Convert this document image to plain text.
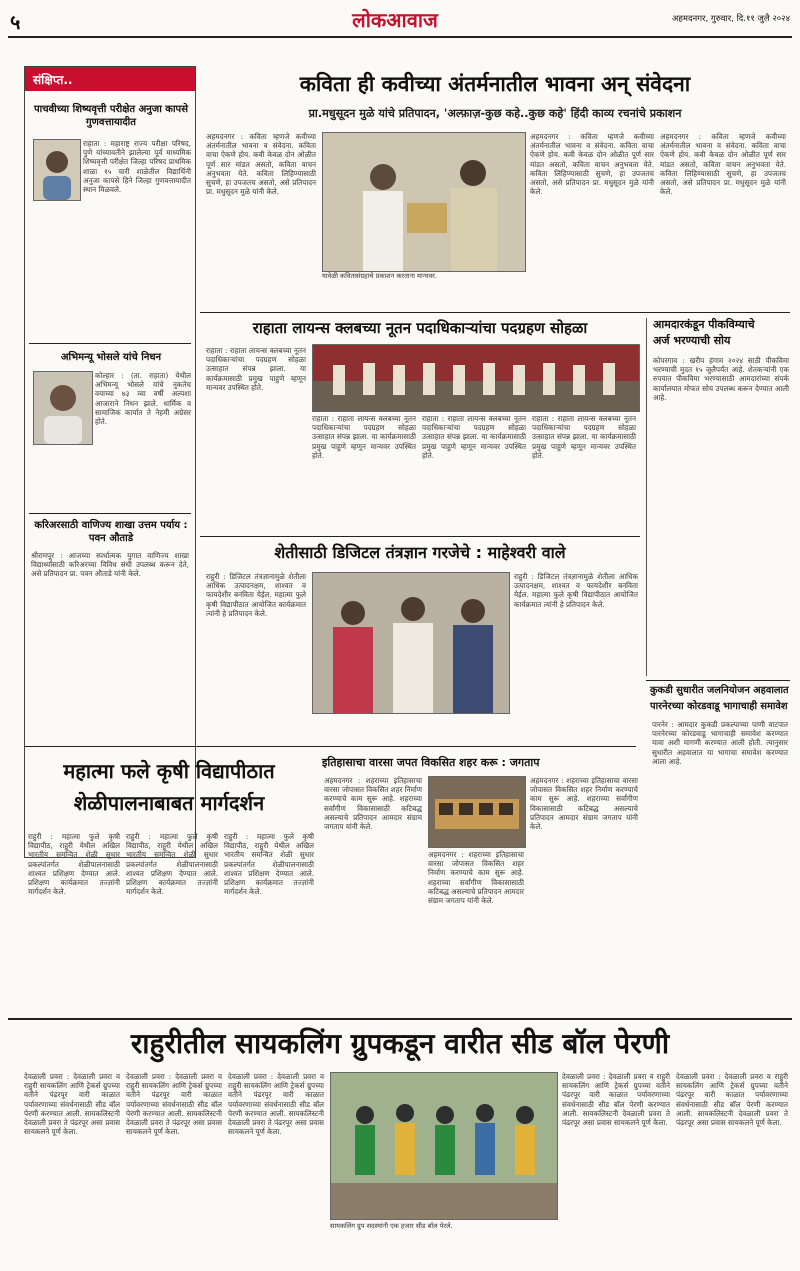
५	लोकआवाज	अहमदनगर, गुरुवार, दि.११ जुलै २०२४
संक्षिप्त..
पाचवीच्या शिष्यवृत्ती परीक्षेत अनुजा कापसे गुणवत्तायादीत
राहाता : महाराष्ट्र राज्य परीक्षा परिषद, पुणे यांच्यावतीने झालेल्या पूर्व माध्यमिक शिष्यवृत्ती परीक्षेत जिल्हा परिषद प्राथमिक शाळा १५ चारी शाळेतील विद्यार्थिनी अनुजा कापसे हिने जिल्हा गुणवत्तायादीत स्थान मिळवले.
अभिमन्यू भोसले यांचे निधन
कोल्हार : (ता. राहाता) येथील अभिमन्यू भोसले यांचे नुकतेच वयाच्या ७३ व्या वर्षी अल्पशा आजाराने निधन झाले. धार्मिक व सामाजिक कार्यात ते नेहमी अग्रेसर होते.
करिअरसाठी वाणिज्य शाखा उत्तम पर्याय : पवन औताडे
श्रीरामपूर : आजच्या स्पर्धात्मक युगात वाणिज्य शाखा विद्यार्थ्यांसाठी करिअरच्या विविध संधी उपलब्ध करून देते, असे प्रतिपादन प्रा. पवन औताडे यांनी केले.
कविता ही कवीच्या अंतर्मनातील भावना अन् संवेदना
प्रा.मधुसूदन मुळे यांचे प्रतिपादन, 'अल्फ़ाज़-कुछ कहे..कुछ कहे' हिंदी काव्य रचनांचे प्रकाशन
अहमदनगर : कविता म्हणजे कवीच्या अंतर्मनातील भावना व संवेदना. कविता वाचा ऐकणे होय. कवी केवळ दोन ओळीत पूर्ण सार मांडत असतो, कविता वाचन अनुभवता येते. कविता लिहिण्यासाठी सुचणे, हा उपजतच असतो, असे प्रतिपादन प्रा. मधुसूदन मुळे यांनी केले.
यावेळी कवितासंग्रहाचे प्रकाशन करताना मान्यवर.
अहमदनगर : कविता म्हणजे कवीच्या अंतर्मनातील भावना व संवेदना. कविता वाचा ऐकणे होय. कवी केवळ दोन ओळीत पूर्ण सार मांडत असतो, कविता वाचन अनुभवता येते. कविता लिहिण्यासाठी सुचणे, हा उपजतच असतो, असे प्रतिपादन प्रा. मधुसूदन मुळे यांनी केले.
अहमदनगर : कविता म्हणजे कवीच्या अंतर्मनातील भावना व संवेदना. कविता वाचा ऐकणे होय. कवी केवळ दोन ओळीत पूर्ण सार मांडत असतो, कविता वाचन अनुभवता येते. कविता लिहिण्यासाठी सुचणे, हा उपजतच असतो, असे प्रतिपादन प्रा. मधुसूदन मुळे यांनी केले.
राहाता लायन्स क्लबच्या नूतन पदाधिकाऱ्यांचा पदग्रहण सोहळा
राहाता : राहाता लायन्स क्लबच्या नूतन पदाधिकाऱ्यांचा पदग्रहण सोहळा उत्साहात संपन्न झाला. या कार्यक्रमासाठी प्रमुख पाहुणे म्हणून मान्यवर उपस्थित होते.
राहाता : राहाता लायन्स क्लबच्या नूतन पदाधिकाऱ्यांचा पदग्रहण सोहळा उत्साहात संपन्न झाला. या कार्यक्रमासाठी प्रमुख पाहुणे म्हणून मान्यवर उपस्थित होते.
राहाता : राहाता लायन्स क्लबच्या नूतन पदाधिकाऱ्यांचा पदग्रहण सोहळा उत्साहात संपन्न झाला. या कार्यक्रमासाठी प्रमुख पाहुणे म्हणून मान्यवर उपस्थित होते.
राहाता : राहाता लायन्स क्लबच्या नूतन पदाधिकाऱ्यांचा पदग्रहण सोहळा उत्साहात संपन्न झाला. या कार्यक्रमासाठी प्रमुख पाहुणे म्हणून मान्यवर उपस्थित होते.
आमदारकंडून पीकविम्याचे
अर्ज भरण्याची सोय
कोपरगाव : खरीप हंगाम २०२४ साठी पीकविमा भरण्याची मुदत १५ जुलैपर्यंत आहे. शेतकऱ्यांनी एक रुपयात पीकविमा भरण्यासाठी आमदारांच्या संपर्क कार्यालयात मोफत सोय उपलब्ध करून देण्यात आली आहे.
शेतीसाठी डिजिटल तंत्रज्ञान गरजेचे : माहेश्वरी वाले
राहुरी : डिजिटल तंत्रज्ञानामुळे शेतीला आधिक उत्पादनक्षम, शाश्वत व फायदेशीर बनविता येईल. महात्मा फुले कृषी विद्यापीठात आयोजित कार्यक्रमात त्यांनी हे प्रतिपादन केले.
राहुरी : डिजिटल तंत्रज्ञानामुळे शेतीला आधिक उत्पादनक्षम, शाश्वत व फायदेशीर बनविता येईल. महात्मा फुले कृषी विद्यापीठात आयोजित कार्यक्रमात त्यांनी हे प्रतिपादन केले.
कुकडी सुधारीत जलनियोजन अहवालात
पारनेरच्या कोरडवाडू भागाचाही समावेश
पारनेर : आमदार कुकडी प्रकल्पाच्या पाणी वाटपात पारनेरच्या कोरडवाडू भागाचाही समावेश करण्यात यावा अशी मागणी करण्यात आली होती. त्यानुसार सुधारीत अहवालात या भागाचा समावेश करण्यात आला आहे.
महात्मा फले कृषी विद्यापीठात
शेळीपालनाबाबत मार्गदर्शन
राहुरी : महात्मा फुले कृषी विद्यापीठ, राहुरी येथील अखिल भारतीय समन्वित शेळी सुधार प्रकल्पांतर्गत शेळीपालनासाठी शाश्वत प्रशिक्षण देण्यात आले. प्रशिक्षण कार्यक्रमात तज्ज्ञांनी मार्गदर्शन केले.
राहुरी : महात्मा फुले कृषी विद्यापीठ, राहुरी येथील अखिल भारतीय समन्वित शेळी सुधार प्रकल्पांतर्गत शेळीपालनासाठी शाश्वत प्रशिक्षण देण्यात आले. प्रशिक्षण कार्यक्रमात तज्ज्ञांनी मार्गदर्शन केले.
राहुरी : महात्मा फुले कृषी विद्यापीठ, राहुरी येथील अखिल भारतीय समन्वित शेळी सुधार प्रकल्पांतर्गत शेळीपालनासाठी शाश्वत प्रशिक्षण देण्यात आले. प्रशिक्षण कार्यक्रमात तज्ज्ञांनी मार्गदर्शन केले.
इतिहासाचा वारसा जपत विकसित शहर करू : जगताप
अहमदनगर : शहराच्या इतिहासाचा वारसा जोपासत विकसित शहर निर्माण करण्याचे काम सुरू आहे. शहराच्या सर्वांगीण विकासासाठी कटिबद्ध असल्याचे प्रतिपादन आमदार संग्राम जगताप यांनी केले.
अहमदनगर : शहराच्या इतिहासाचा वारसा जोपासत विकसित शहर निर्माण करण्याचे काम सुरू आहे. शहराच्या सर्वांगीण विकासासाठी कटिबद्ध असल्याचे प्रतिपादन आमदार संग्राम जगताप यांनी केले.
अहमदनगर : शहराच्या इतिहासाचा वारसा जोपासत विकसित शहर निर्माण करण्याचे काम सुरू आहे. शहराच्या सर्वांगीण विकासासाठी कटिबद्ध असल्याचे प्रतिपादन आमदार संग्राम जगताप यांनी केले.
राहुरीतील सायकलिंग ग्रुपकडून वारीत सीड बॉल पेरणी
देवळाली प्रवरा : देवळाली प्रवरा व राहुरी सायकलिंग आणि ट्रेकर्स ग्रुपच्या वतीने पंढरपूर वारी काळात पर्यावरणाच्या संवर्धनासाठी सीड बॉल पेरणी करण्यात आली. सायकलिस्टनी देवळाली प्रवरा ते पंढरपूर असा प्रवास सायकलने पूर्ण केला.
देवळाली प्रवरा : देवळाली प्रवरा व राहुरी सायकलिंग आणि ट्रेकर्स ग्रुपच्या वतीने पंढरपूर वारी काळात पर्यावरणाच्या संवर्धनासाठी सीड बॉल पेरणी करण्यात आली. सायकलिस्टनी देवळाली प्रवरा ते पंढरपूर असा प्रवास सायकलने पूर्ण केला.
देवळाली प्रवरा : देवळाली प्रवरा व राहुरी सायकलिंग आणि ट्रेकर्स ग्रुपच्या वतीने पंढरपूर वारी काळात पर्यावरणाच्या संवर्धनासाठी सीड बॉल पेरणी करण्यात आली. सायकलिस्टनी देवळाली प्रवरा ते पंढरपूर असा प्रवास सायकलने पूर्ण केला.
सायकलिंग ग्रुप सदस्यांनी एक हजार सीड बॉल पेरले.
देवळाली प्रवरा : देवळाली प्रवरा व राहुरी सायकलिंग आणि ट्रेकर्स ग्रुपच्या वतीने पंढरपूर वारी काळात पर्यावरणाच्या संवर्धनासाठी सीड बॉल पेरणी करण्यात आली. सायकलिस्टनी देवळाली प्रवरा ते पंढरपूर असा प्रवास सायकलने पूर्ण केला.
देवळाली प्रवरा : देवळाली प्रवरा व राहुरी सायकलिंग आणि ट्रेकर्स ग्रुपच्या वतीने पंढरपूर वारी काळात पर्यावरणाच्या संवर्धनासाठी सीड बॉल पेरणी करण्यात आली. सायकलिस्टनी देवळाली प्रवरा ते पंढरपूर असा प्रवास सायकलने पूर्ण केला.
